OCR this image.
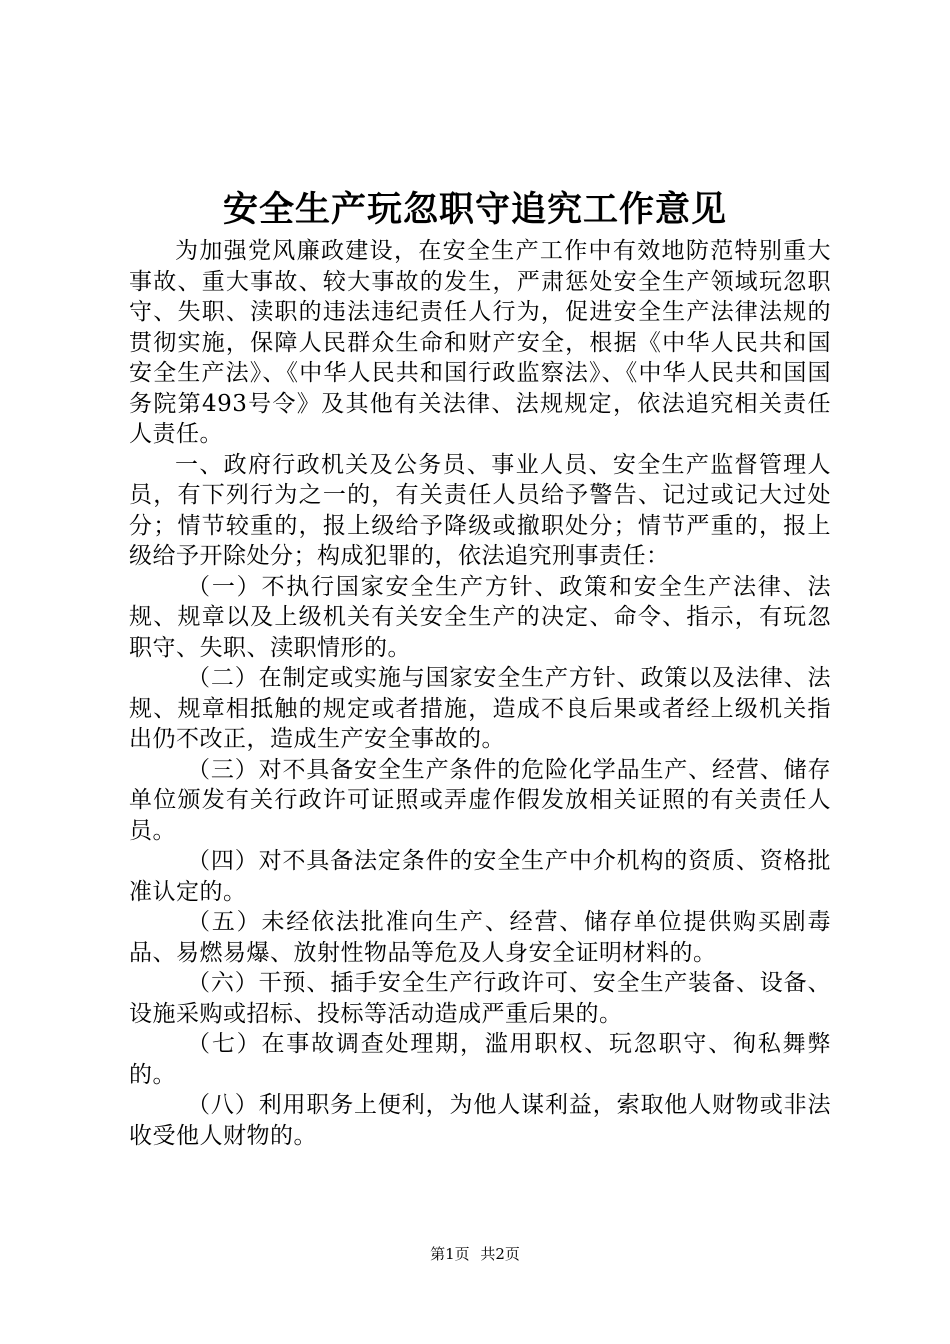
安全生产玩忽职守追究工作意见

为加强党风廉政建设，在安全生产工作中有效地防范特别重大事故、重大事故、较大事故的发生，严肃惩处安全生产领域玩忽职守、失职、渎职的违法违纪责任人行为，促进安全生产法律法规的贯彻实施，保障人民群众生命和财产安全，根据《中华人民共和国安全生产法》、《中华人民共和国行政监察法》、《中华人民共和国国务院第493号令》及其他有关法律、法规规定，依法追究相关责任人责任。

一、政府行政机关及公务员、事业人员、安全生产监督管理人员，有下列行为之一的，有关责任人员给予警告、记过或记大过处分；情节较重的，报上级给予降级或撤职处分；情节严重的，报上级给予开除处分；构成犯罪的，依法追究刑事责任：

（一）不执行国家安全生产方针、政策和安全生产法律、法规、规章以及上级机关有关安全生产的决定、命令、指示，有玩忽职守、失职、渎职情形的。

（二）在制定或实施与国家安全生产方针、政策以及法律、法规、规章相抵触的规定或者措施，造成不良后果或者经上级机关指出仍不改正，造成生产安全事故的。

（三）对不具备安全生产条件的危险化学品生产、经营、储存单位颁发有关行政许可证照或弄虚作假发放相关证照的有关责任人员。

（四）对不具备法定条件的安全生产中介机构的资质、资格批准认定的。

（五）未经依法批准向生产、经营、储存单位提供购买剧毒品、易燃易爆、放射性物品等危及人身安全证明材料的。

（六）干预、插手安全生产行政许可、安全生产装备、设备、设施采购或招标、投标等活动造成严重后果的。

（七）在事故调查处理期，滥用职权、玩忽职守、徇私舞弊的。

（八）利用职务上便利，为他人谋利益，索取他人财物或非法收受他人财物的。

第1页 共2页
